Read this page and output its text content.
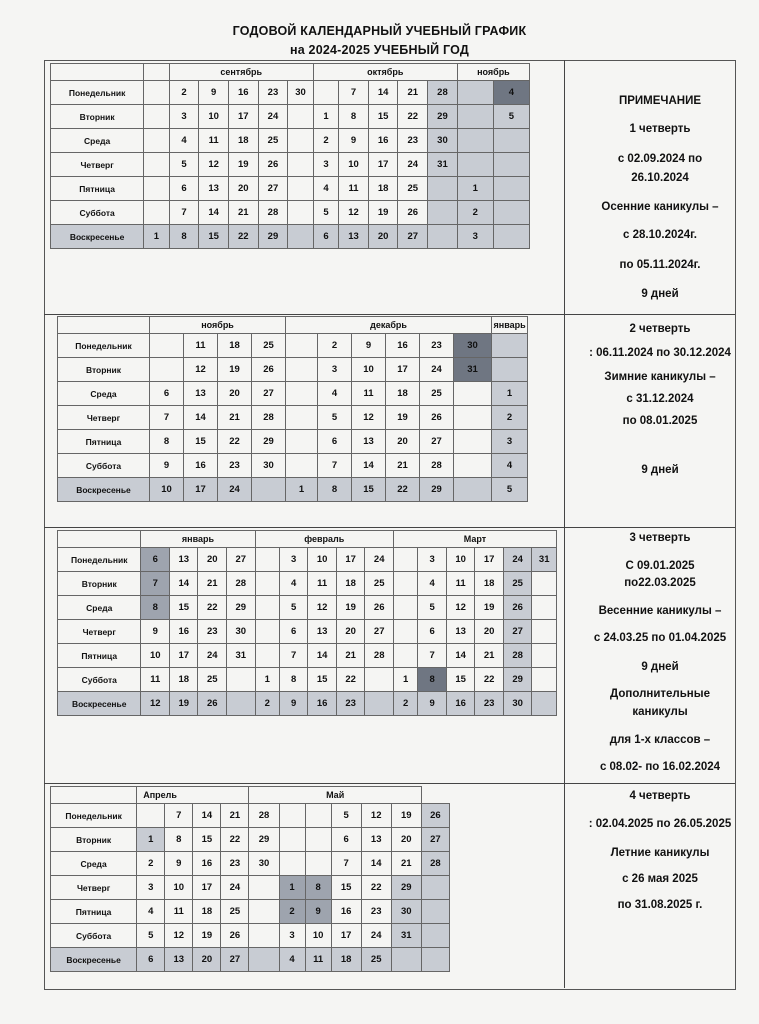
ГОДОВОЙ КАЛЕНДАРНЫЙ УЧЕБНЫЙ ГРАФИК
на 2024-2025 УЧЕБНЫЙ ГОД
		сентябрь					октябрь					ноябрь	
Понедельник		2	9	16	23	30		7	14	21	28		4
Вторник		3	10	17	24		1	8	15	22	29		5
Среда		4	11	18	25		2	9	16	23	30		
Четверг		5	12	19	26		3	10	17	24	31		
Пятница		6	13	20	27		4	11	18	25		1	
Суббота		7	14	21	28		5	12	19	26		2	
Воскресенье	1	8	15	22	29		6	13	20	27		3	
	ноябрь				декабрь						январь
Понедельник		11	18	25		2	9	16	23	30	
Вторник		12	19	26		3	10	17	24	31	
Среда	6	13	20	27		4	11	18	25		1
Четверг	7	14	21	28		5	12	19	26		2
Пятница	8	15	22	29		6	13	20	27		3
Суббота	9	16	23	30		7	14	21	28		4
Воскресенье	10	17	24		1	8	15	22	29		5
	январь				февраль					Март					
Понедельник	6	13	20	27		3	10	17	24		3	10	17	24	31
Вторник	7	14	21	28		4	11	18	25		4	11	18	25	
Среда	8	15	22	29		5	12	19	26		5	12	19	26	
Четверг	9	16	23	30		6	13	20	27		6	13	20	27	
Пятница	10	17	24	31		7	14	21	28		7	14	21	28	
Суббота	11	18	25		1	8	15	22		1	8	15	22	29	
Воскресенье	12	19	26		2	9	16	23		2	9	16	23	30	
	Апрель				Май						
Понедельник		7	14	21	28			5	12	19	26
Вторник	1	8	15	22	29			6	13	20	27
Среда	2	9	16	23	30			7	14	21	28
Четверг	3	10	17	24		1	8	15	22	29	
Пятница	4	11	18	25		2	9	16	23	30	
Суббота	5	12	19	26		3	10	17	24	31	
Воскресенье	6	13	20	27		4	11	18	25		
ПРИМЕЧАНИЕ
1 четверть
с 02.09.2024 по
26.10.2024
Осенние каникулы –
с 28.10.2024г.
по 05.11.2024г.
9 дней
2 четверть
: 06.11.2024 по 30.12.2024
Зимние каникулы –
с 31.12.2024
по 08.01.2025
9 дней
3 четверть
С 09.01.2025
по22.03.2025
Весенние каникулы –
с 24.03.25 по 01.04.2025
9 дней
Дополнительные
каникулы
для 1-х классов –
с 08.02- по 16.02.2024
4 четверть
: 02.04.2025 по 26.05.2025
Летние каникулы
с 26 мая 2025
по 31.08.2025 г.
